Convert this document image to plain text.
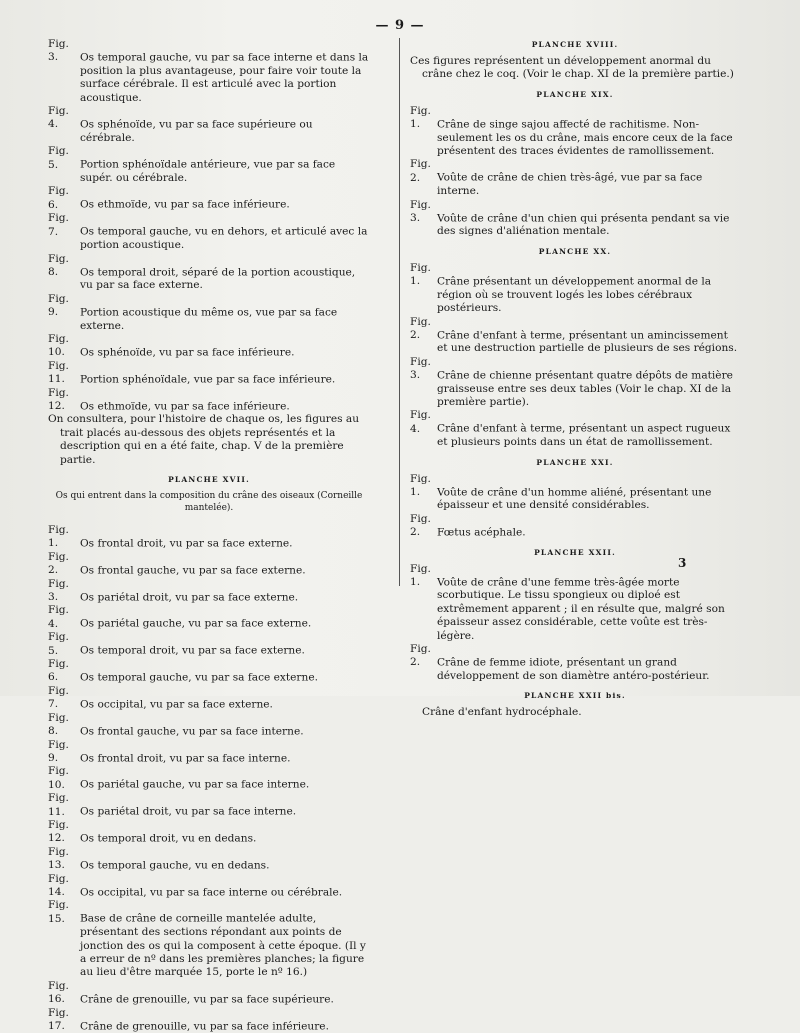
— 9 —

Fig. 3. Os temporal gauche, vu par sa face interne et dans la position la plus avantageuse, pour faire voir toute la surface cérébrale. Il est articulé avec la portion acoustique.

Fig. 4. Os sphénoïde, vu par sa face supérieure ou cérébrale.

Fig. 5. Portion sphénoïdale antérieure, vue par sa face supér. ou cérébrale.

Fig. 6. Os ethmoïde, vu par sa face inférieure.

Fig. 7. Os temporal gauche, vu en dehors, et articulé avec la portion acoustique.

Fig. 8. Os temporal droit, séparé de la portion acoustique, vu par sa face externe.

Fig. 9. Portion acoustique du même os, vue par sa face externe.

Fig. 10. Os sphénoïde, vu par sa face inférieure.

Fig. 11. Portion sphénoïdale, vue par sa face inférieure.

Fig. 12. Os ethmoïde, vu par sa face inférieure.

On consultera, pour l'histoire de chaque os, les figures au trait placés au-dessous des objets représentés et la description qui en a été faite, chap. V de la première partie.

PLANCHE XVII.

Os qui entrent dans la composition du crâne des oiseaux (Corneille mantelée).

Fig. 1. Os frontal droit, vu par sa face externe.

Fig. 2. Os frontal gauche, vu par sa face externe.

Fig. 3. Os pariétal droit, vu par sa face externe.

Fig. 4. Os pariétal gauche, vu par sa face externe.

Fig. 5. Os temporal droit, vu par sa face externe.

Fig. 6. Os temporal gauche, vu par sa face externe.

Fig. 7. Os occipital, vu par sa face externe.

Fig. 8. Os frontal gauche, vu par sa face interne.

Fig. 9. Os frontal droit, vu par sa face interne.

Fig. 10. Os pariétal gauche, vu par sa face interne.

Fig. 11. Os pariétal droit, vu par sa face interne.

Fig. 12. Os temporal droit, vu en dedans.

Fig. 13. Os temporal gauche, vu en dedans.

Fig. 14. Os occipital, vu par sa face interne ou cérébrale.

Fig. 15. Base de crâne de corneille mantelée adulte, présentant des sections répondant aux points de jonction des os qui la composent à cette époque. (Il y a erreur de nº dans les premières planches; la figure au lieu d'être marquée 15, porte le nº 16.)

Fig. 16. Crâne de grenouille, vu par sa face supérieure.

Fig. 17. Crâne de grenouille, vu par sa face inférieure.

PLANCHE XVIII.

Ces figures représentent un développement anormal du crâne chez le coq. (Voir le chap. XI de la première partie.)

PLANCHE XIX.

Fig. 1. Crâne de singe sajou affecté de rachitisme. Non-seulement les os du crâne, mais encore ceux de la face présentent des traces évidentes de ramollissement.

Fig. 2. Voûte de crâne de chien très-âgé, vue par sa face interne.

Fig. 3. Voûte de crâne d'un chien qui présenta pendant sa vie des signes d'aliénation mentale.

PLANCHE XX.

Fig. 1. Crâne présentant un développement anormal de la région où se trouvent logés les lobes cérébraux postérieurs.

Fig. 2. Crâne d'enfant à terme, présentant un amincissement et une destruction partielle de plusieurs de ses régions.

Fig. 3. Crâne de chienne présentant quatre dépôts de matière graisseuse entre ses deux tables (Voir le chap. XI de la première partie).

Fig. 4. Crâne d'enfant à terme, présentant un aspect rugueux et plusieurs points dans un état de ramollissement.

PLANCHE XXI.

Fig. 1. Voûte de crâne d'un homme aliéné, présentant une épaisseur et une densité considérables.

Fig. 2. Fœtus acéphale.

PLANCHE XXII.

Fig. 1. Voûte de crâne d'une femme très-âgée morte scorbutique. Le tissu spongieux ou diploé est extrêmement apparent ; il en résulte que, malgré son épaisseur assez considérable, cette voûte est très-légère.

Fig. 2. Crâne de femme idiote, présentant un grand développement de son diamètre antéro-postérieur.

PLANCHE XXII bis.

Crâne d'enfant hydrocéphale.

3
